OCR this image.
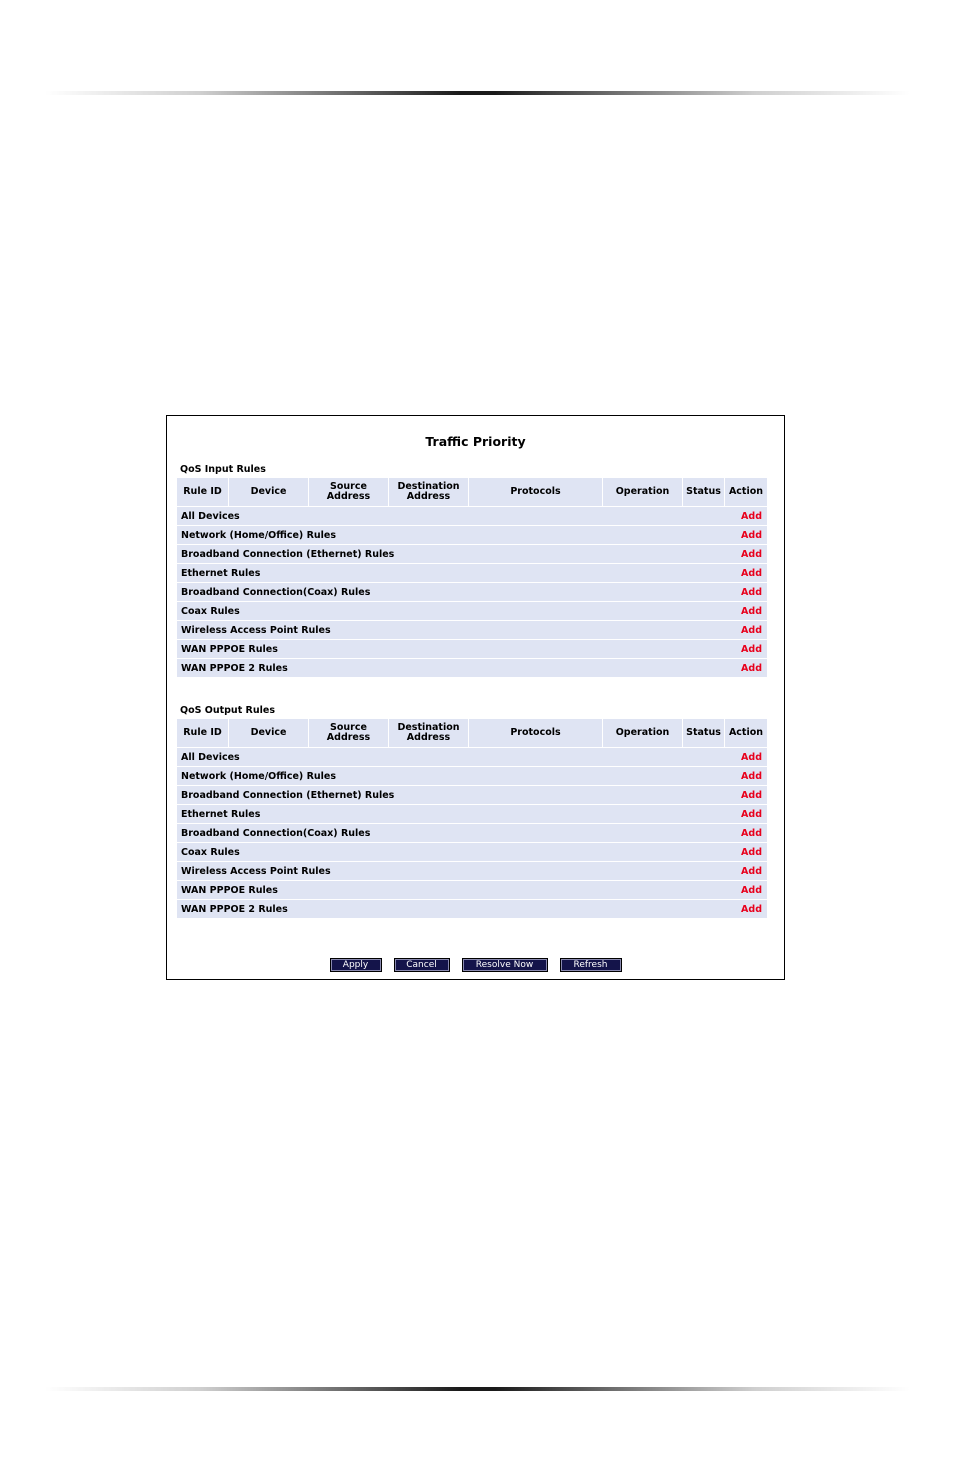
Traffic Priority
QoS Input Rules
Rule ID	Device	Source Address	Destination Address	Protocols	Operation	Status	Action
All Devices							Add
Network (Home/Office) Rules							Add
Broadband Connection (Ethernet) Rules							Add
Ethernet Rules							Add
Broadband Connection(Coax) Rules							Add
Coax Rules							Add
Wireless Access Point Rules							Add
WAN PPPOE Rules							Add
WAN PPPOE 2 Rules							Add
QoS Output Rules
Rule ID	Device	Source Address	Destination Address	Protocols	Operation	Status	Action
All Devices							Add
Network (Home/Office) Rules							Add
Broadband Connection (Ethernet) Rules							Add
Ethernet Rules							Add
Broadband Connection(Coax) Rules							Add
Coax Rules							Add
Wireless Access Point Rules							Add
WAN PPPOE Rules							Add
WAN PPPOE 2 Rules							Add
Apply	Cancel	Resolve Now	Refresh
